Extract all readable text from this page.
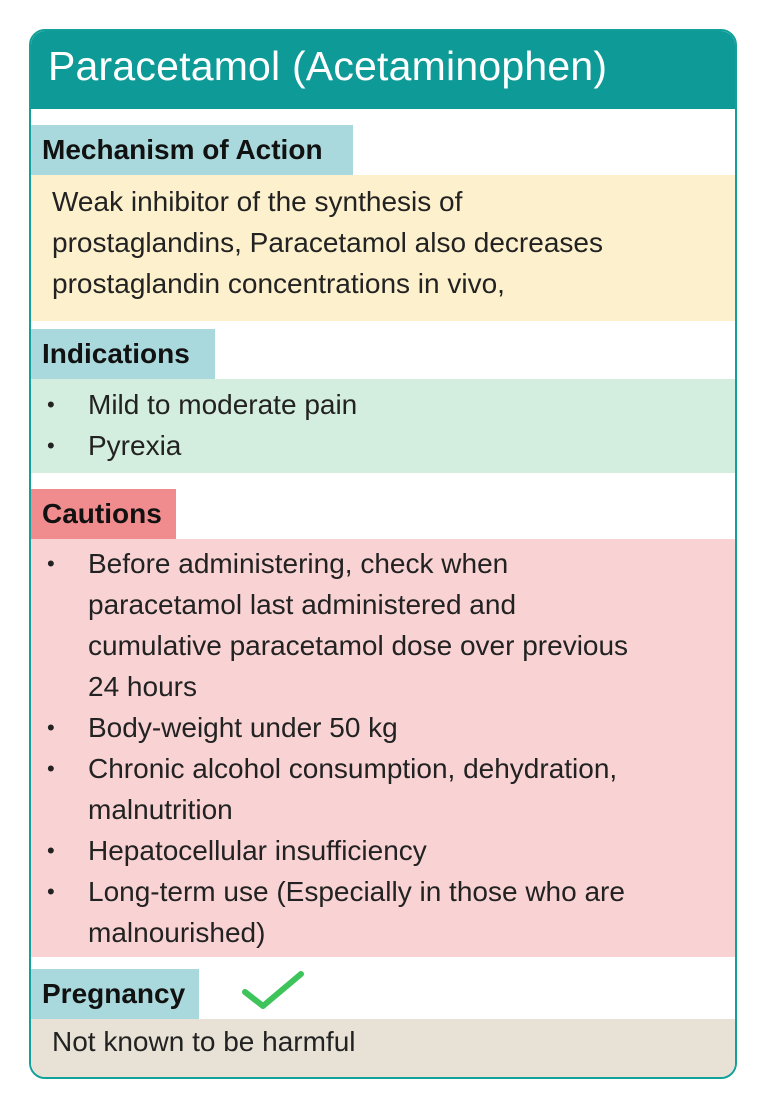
Paracetamol (Acetaminophen)
Mechanism of Action
Weak inhibitor of the synthesis of
prostaglandins, Paracetamol also decreases
prostaglandin concentrations in vivo,
Indications
• Mild to moderate pain
• Pyrexia
Cautions
• Before administering, check when
paracetamol last administered and
cumulative paracetamol dose over previous
24 hours
• Body-weight under 50 kg
• Chronic alcohol consumption, dehydration,
malnutrition
• Hepatocellular insufficiency
• Long-term use (Especially in those who are
malnourished)
Pregnancy
Not known to be harmful
